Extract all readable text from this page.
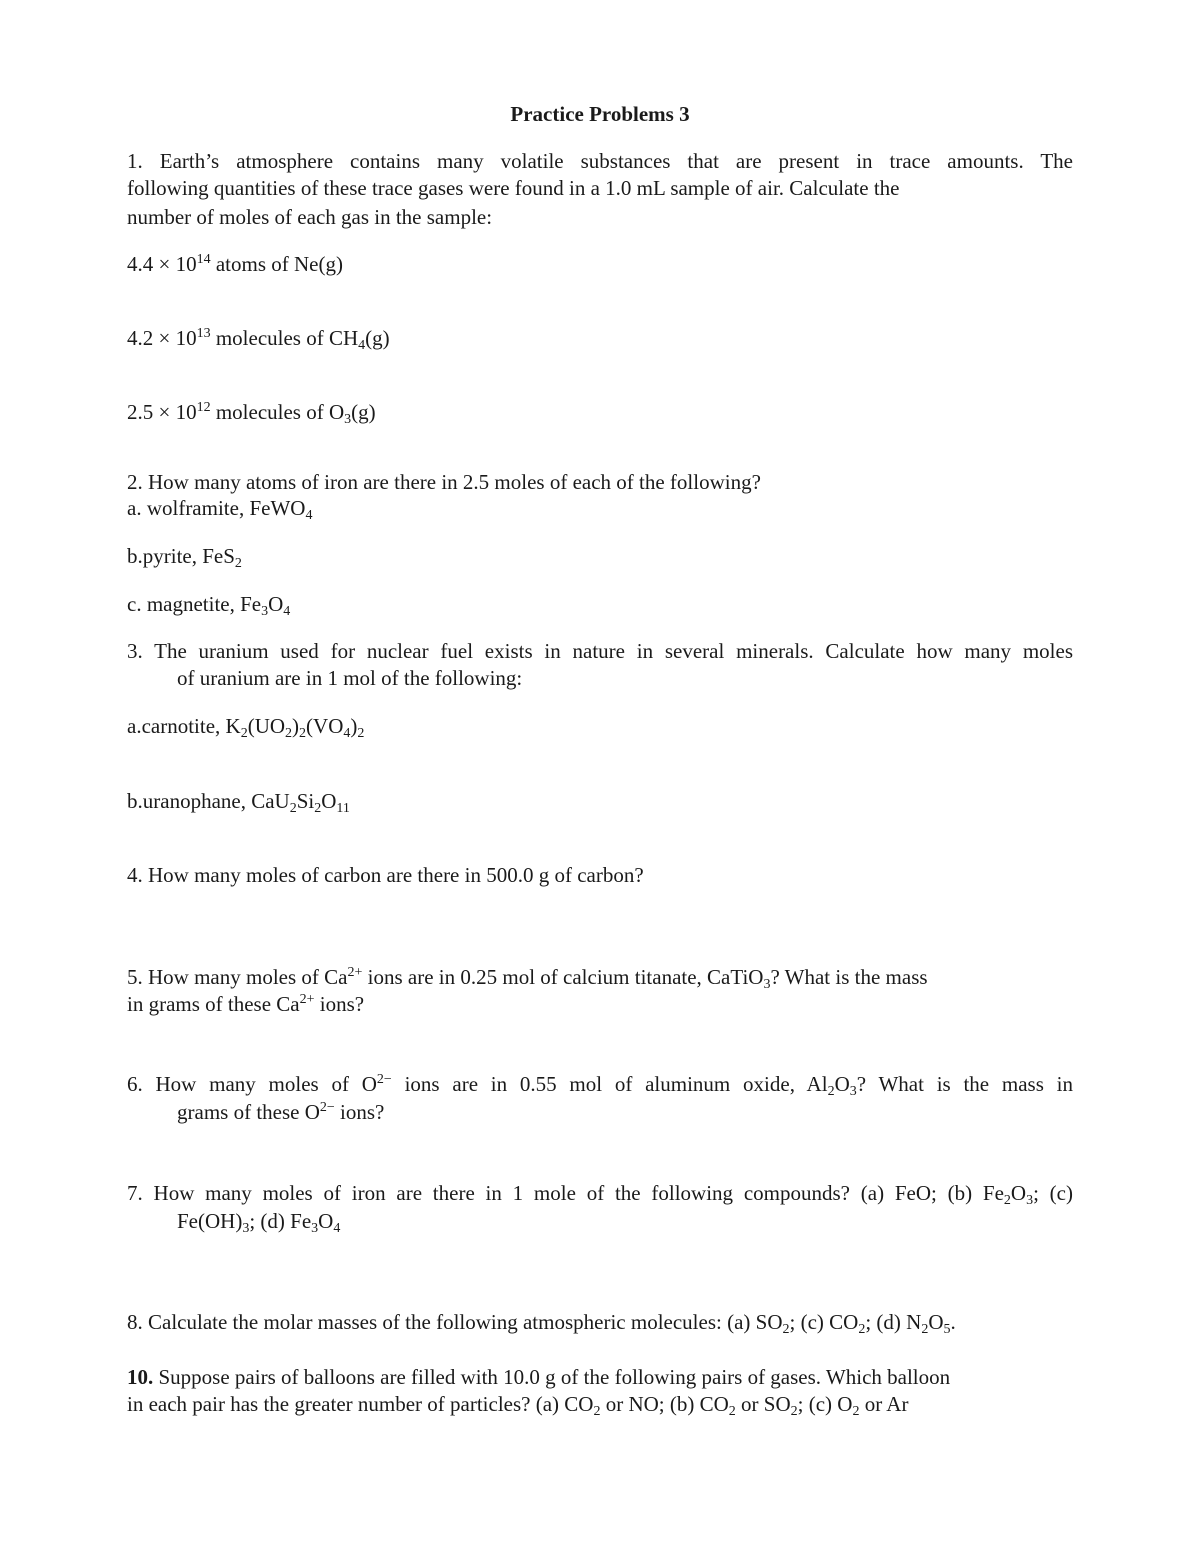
Practice Problems 3
1. Earth’s atmosphere contains many volatile substances that are present in trace amounts. The
following quantities of these trace gases were found in a 1.0 mL sample of air. Calculate the
number of moles of each gas in the sample:
$4.4 \times 10^{14}$ atoms of Ne(g)
$4.2 \times 10^{13}$ molecules of $CH_4(g)$
$2.5 \times 10^{12}$ molecules of $O_3(g)$
2. How many atoms of iron are there in 2.5 moles of each of the following?
a. wolframite, FeWO$_4$
b.pyrite, FeS$_2$
c. magnetite, $Fe_3O_4$
3. The uranium used for nuclear fuel exists in nature in several minerals. Calculate how many moles
of uranium are in 1 mol of the following:
a.carnotite, $K_2(UO_2)_2(VO_4)_2$
b.uranophane, $CaU_2Si_2O_{11}$
4. How many moles of carbon are there in 500.0 g of carbon?
5. How many moles of $Ca^{2+}$ ions are in 0.25 mol of calcium titanate, CaTiO$_3$? What is the mass
in grams of these $Ca^{2+}$ ions?
6. How many moles of $O^{2-}$ ions are in 0.55 mol of aluminum oxide, $Al_2O_3$? What is the mass in
grams of these $O^{2-}$ ions?
7. How many moles of iron are there in 1 mole of the following compounds? (a) FeO; (b) $Fe_2O_3$; (c)
$Fe(OH)_3$; (d) $Fe_3O_4$
8. Calculate the molar masses of the following atmospheric molecules: (a) $SO_2$; (c) $CO_2$; (d) $N_2O_5$.
10. Suppose pairs of balloons are filled with 10.0 g of the following pairs of gases. Which balloon
in each pair has the greater number of particles? (a) $CO_2$ or NO; (b) $CO_2$ or $SO_2$; (c) $O_2$ or Ar
